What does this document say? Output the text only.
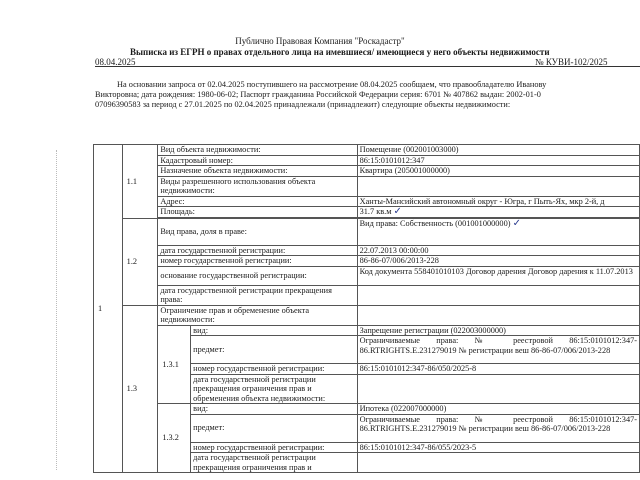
Публично Правовая Компания "Роскадастр"
Выписка из ЕГРН о правах отдельного лица на имевшиеся/ имеющиеся у него объекты недвижимости
08.04.2025	№ КУВИ-102/2025
На основании запроса от 02.04.2025 поступившего на рассмотрение 08.04.2025 сообщаем, что правообладателю Иванову
Викторовна; дата рождения: 1980-06-02; Паспорт гражданина Российской Федерации серия: 6701 № 407862 выдан: 2002-01-0
07096390583 за период с 27.01.2025 по 02.04.2025 принадлежали (принадлежит) следующие объекты недвижимости:
1	1.1	Вид объекта недвижимости:		Помещение (002001003000)
		Кадастровый номер:		86:15:0101012:347
		Назначение объекта недвижимости:		Квартира (205001000000)
		Виды разрешенного использования объекта недвижимости:		
		Адрес:		Ханты-Мансийский автономный округ - Югра, г Пыть-Ях, мкр 2-й, д
		Площадь:		31.7 кв.м ✓

	1.2	Вид права, доля в праве:		Вид права: Собственность (001001000000) ✓
		дата государственной регистрации:		22.07.2013 00:00:00
		номер государственной регистрации:		86-86-07/006/2013-228
		основание государственной регистрации:		Код документа 558401010103 Договор дарения Договор дарения к 11.07.2013
		дата государственной регистрации прекращения права:		
	1.3	Ограничение прав и обременение объекта недвижимости:		
		1.3.1	вид:	Запрещение регистрации (022003000000)
			предмет:	Ограничиваемые права: № реестровой 86:15:0101012:347-86.RTRIGHTS.E.231279019 № регистрации веш 86-86-07/006/2013-228
			номер государственной регистрации:	86:15:0101012:347-86/050/2025-8
			дата государственной регистрации прекращения ограничения прав и обременения объекта недвижимости:	
		1.3.2	вид:	Ипотека (022007000000)
			предмет:	Ограничиваемые права: № реестровой 86:15:0101012:347-86.RTRIGHTS.E.231279019 № регистрации веш 86-86-07/006/2013-228
			номер государственной регистрации:	86:15:0101012:347-86/055/2023-5
			дата государственной регистрации прекращения ограничения прав и	
